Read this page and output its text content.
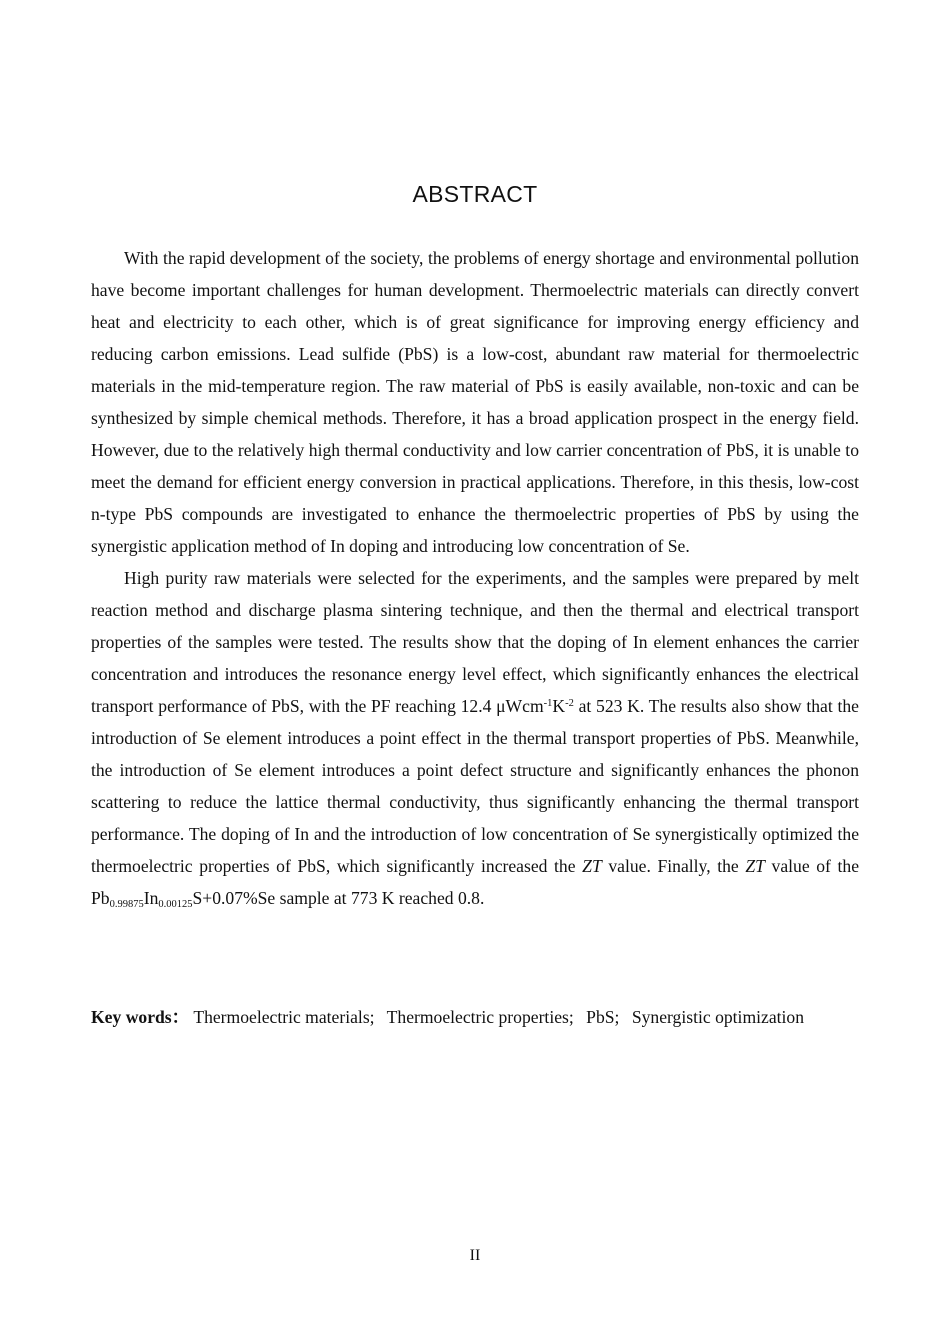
ABSTRACT

With the rapid development of the society, the problems of energy shortage and environmental pollution have become important challenges for human development. Thermoelectric materials can directly convert heat and electricity to each other, which is of great significance for improving energy efficiency and reducing carbon emissions. Lead sulfide (PbS) is a low-cost, abundant raw material for thermoelectric materials in the mid-temperature region. The raw material of PbS is easily available, non-toxic and can be synthesized by simple chemical methods. Therefore, it has a broad application prospect in the energy field. However, due to the relatively high thermal conductivity and low carrier concentration of PbS, it is unable to meet the demand for efficient energy conversion in practical applications. Therefore, in this thesis, low-cost n-type PbS compounds are investigated to enhance the thermoelectric properties of PbS by using the synergistic application method of In doping and introducing low concentration of Se.

High purity raw materials were selected for the experiments, and the samples were prepared by melt reaction method and discharge plasma sintering technique, and then the thermal and electrical transport properties of the samples were tested. The results show that the doping of In element enhances the carrier concentration and introduces the resonance energy level effect, which significantly enhances the electrical transport performance of PbS, with the PF reaching 12.4 $\mu Wcm^{-1}K^{-2}$ at 523 K. The results also show that the introduction of Se element introduces a point effect in the thermal transport properties of PbS. Meanwhile, the introduction of Se element introduces a point defect structure and significantly enhances the phonon scattering to reduce the lattice thermal conductivity, thus significantly enhancing the thermal transport performance. The doping of In and the introduction of low concentration of Se synergistically optimized the thermoelectric properties of PbS, which significantly increased the ZT value. Finally, the ZT value of the $Pb_{0.99875}In_{0.00125}S+0.07\%Se$ sample at 773 K reached 0.8.

Key words： Thermoelectric materials; Thermoelectric properties; PbS; Synergistic optimization
II
